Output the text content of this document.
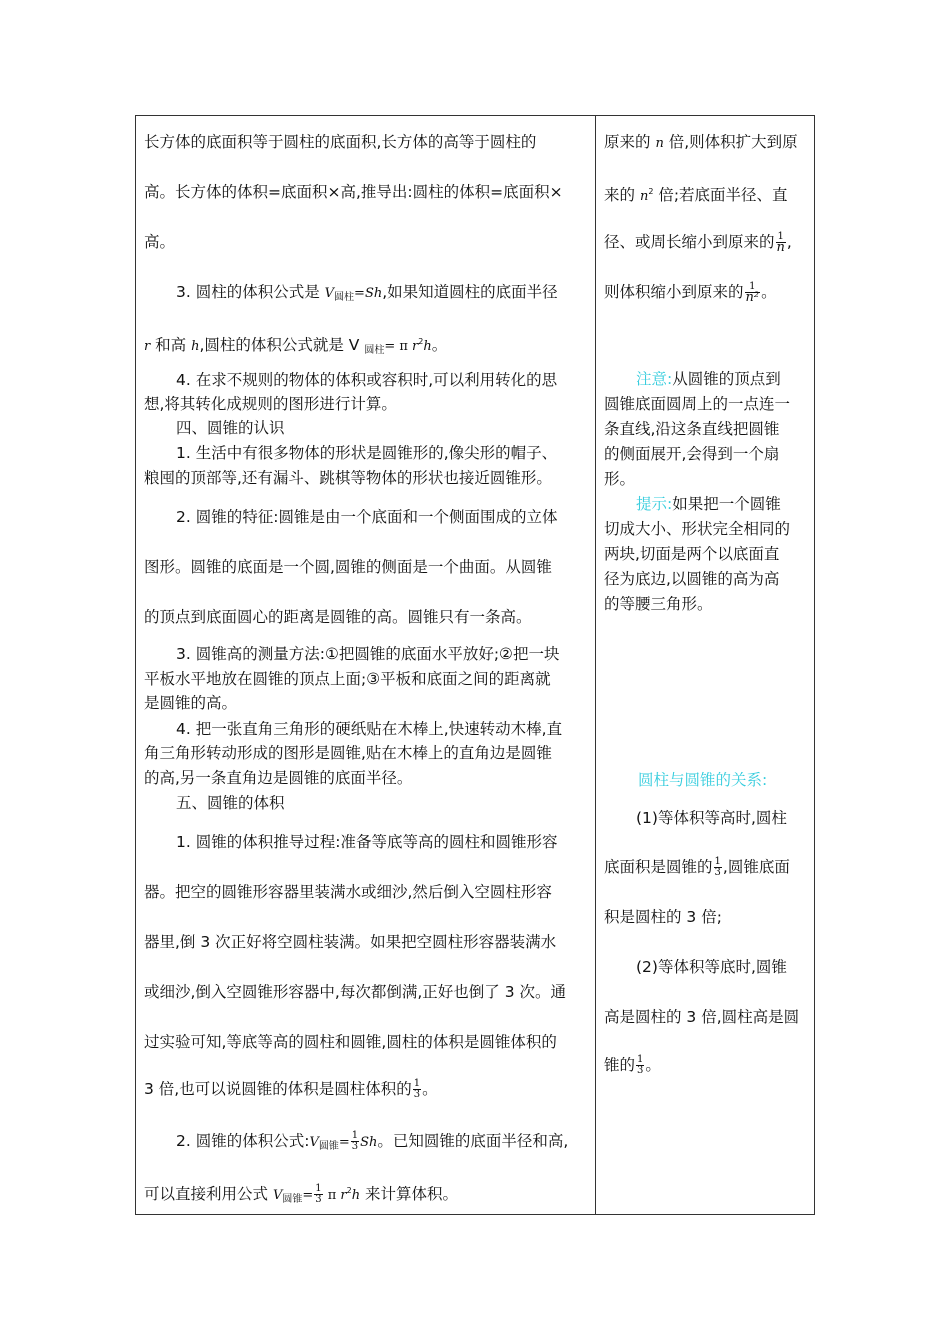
长方体的底面积等于圆柱的底面积,长方体的高等于圆柱的
高。长方体的体积=底面积×高,推导出:圆柱的体积=底面积×
高。
3. 圆柱的体积公式是 $V_{圆柱}=Sh$,如果知道圆柱的底面半径
r 和高 h,圆柱的体积公式就是 V $_{圆柱}$= π $r^2h$。
4. 在求不规则的物体的体积或容积时,可以利用转化的思
想,将其转化成规则的图形进行计算。
四、圆锥的认识
1. 生活中有很多物体的形状是圆锥形的,像尖形的帽子、
粮囤的顶部等,还有漏斗、跳棋等物体的形状也接近圆锥形。
2. 圆锥的特征:圆锥是由一个底面和一个侧面围成的立体
图形。圆锥的底面是一个圆,圆锥的侧面是一个曲面。从圆锥
的顶点到底面圆心的距离是圆锥的高。圆锥只有一条高。
3. 圆锥高的测量方法:①把圆锥的底面水平放好;②把一块
平板水平地放在圆锥的顶点上面;③平板和底面之间的距离就
是圆锥的高。
4. 把一张直角三角形的硬纸贴在木棒上,快速转动木棒,直
角三角形转动形成的图形是圆锥,贴在木棒上的直角边是圆锥
的高,另一条直角边是圆锥的底面半径。
五、圆锥的体积
1. 圆锥的体积推导过程:准备等底等高的圆柱和圆锥形容
器。把空的圆锥形容器里装满水或细沙,然后倒入空圆柱形容
器里,倒 3 次正好将空圆柱装满。如果把空圆柱形容器装满水
或细沙,倒入空圆锥形容器中,每次都倒满,正好也倒了 3 次。通
过实验可知,等底等高的圆柱和圆锥,圆柱的体积是圆锥体积的
3 倍,也可以说圆锥的体积是圆柱体积的 $\frac{1}{3}$ 。
2. 圆锥的体积公式$:V_{圆锥}= \frac{1}{3}$ Sh。已知圆锥的底面半径和高,
可以直接利用公式 $V_{圆锥}= \frac{1}{3}$ π $r^2h$ 来计算体积。
原来的 n 倍,则体积扩大到原
来的 $n^2$ 倍;若底面半径、直
径、或周长缩小到原来的 $\frac{1}{n}$ ,
则体积缩小到原来的 $\frac{1}{\text{n²}}$ 。
注意:从圆锥的顶点到
圆锥底面圆周上的一点连一
条直线,沿这条直线把圆锥
的侧面展开,会得到一个扇
形。
提示:如果把一个圆锥
切成大小、形状完全相同的
两块,切面是两个以底面直
径为底边,以圆锥的高为高
的等腰三角形。
圆柱与圆锥的关系:
(1)等体积等高时,圆柱
底面积是圆锥的 $\frac{1}{3}$ ,圆锥底面
积是圆柱的 3 倍;
(2)等体积等底时,圆锥
高是圆柱的 3 倍,圆柱高是圆
锥的 $\frac{1}{3}$ 。
